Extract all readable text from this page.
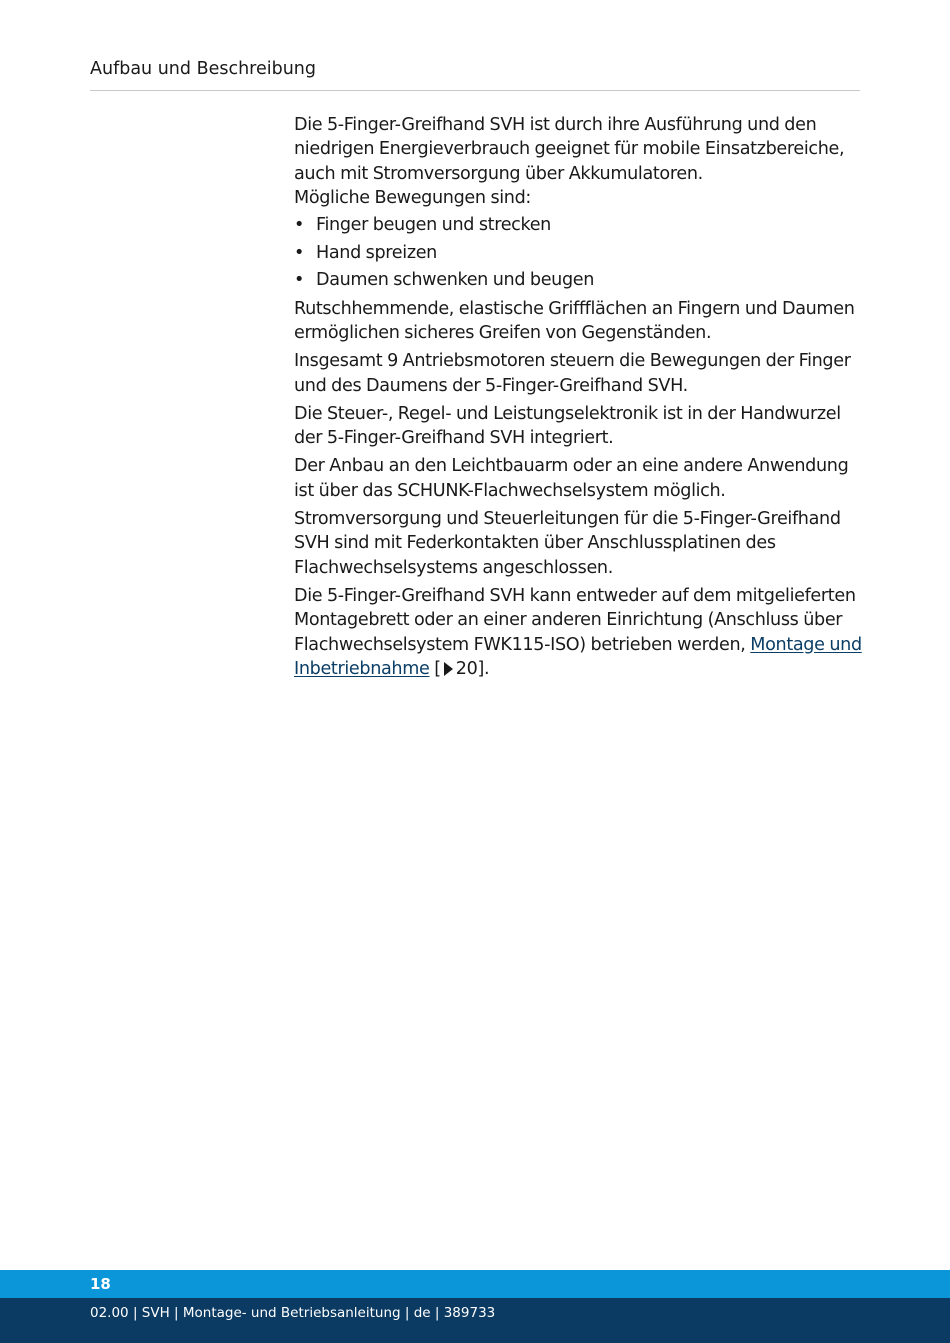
Aufbau und Beschreibung

Die 5-Finger-Greifhand SVH ist durch ihre Ausführung und den niedrigen Energieverbrauch geeignet für mobile Einsatzbereiche, auch mit Stromversorgung über Akkumulatoren.

Mögliche Bewegungen sind:

• Finger beugen und strecken
• Hand spreizen
• Daumen schwenken und beugen

Rutschhemmende, elastische Griffflächen an Fingern und Daumen ermöglichen sicheres Greifen von Gegenständen.

Insgesamt 9 Antriebsmotoren steuern die Bewegungen der Finger und des Daumens der 5-Finger-Greifhand SVH.

Die Steuer-, Regel- und Leistungselektronik ist in der Handwurzel der 5-Finger-Greifhand SVH integriert.

Der Anbau an den Leichtbauarm oder an eine andere Anwendung ist über das SCHUNK-Flachwechselsystem möglich.

Stromversorgung und Steuerleitungen für die 5-Finger-Greifhand SVH sind mit Federkontakten über Anschlussplatinen des Flachwechselsystems angeschlossen.

Die 5-Finger-Greifhand SVH kann entweder auf dem mitgelieferten Montagebrett oder an einer anderen Einrichtung (Anschluss über Flachwechselsystem FWK115-ISO) betrieben werden, Montage und Inbetriebnahme [ 20].

18
02.00 | SVH | Montage- und Betriebsanleitung | de | 389733
